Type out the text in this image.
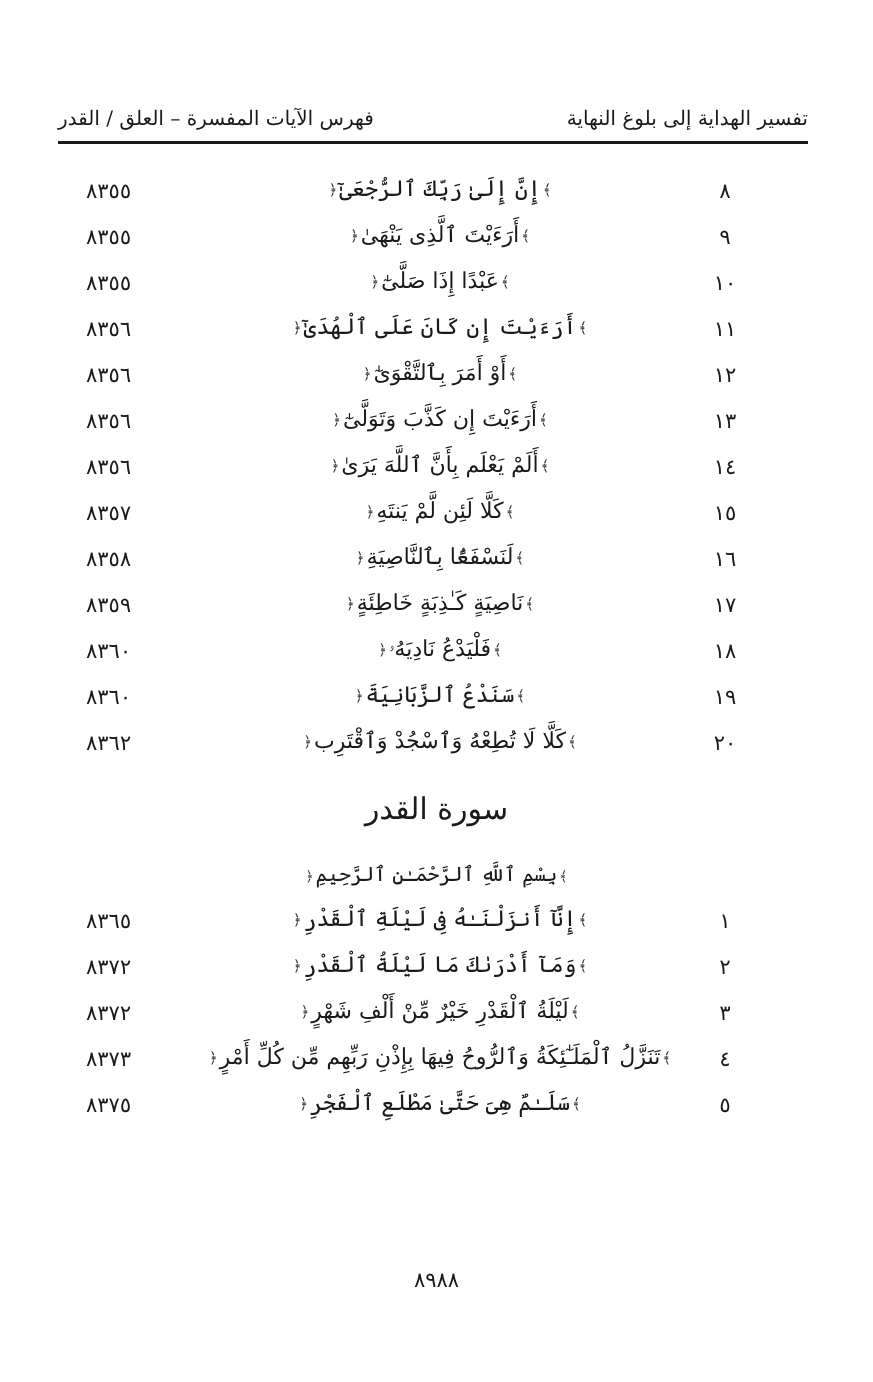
تفسير الهداية إلى بلوغ النهاية
فهرس الآيات المفسرة – العلق / القدر
٨
﴾إِنَّ إِلَىٰ رَبِّكَ ٱلرُّجْعَىٰٓ﴿
٨٣٥٥
٩
﴾أَرَءَيْتَ ٱلَّذِى يَنْهَىٰ﴿
٨٣٥٥
١٠
﴾عَبْدًا إِذَا صَلَّىٰٓ﴿
٨٣٥٥
١١
﴾أَرَءَيْتَ إِن كَانَ عَلَى ٱلْهُدَىٰٓ﴿
٨٣٥٦
١٢
﴾أَوْ أَمَرَ بِٱلتَّقْوَىٰٓ﴿
٨٣٥٦
١٣
﴾أَرَءَيْتَ إِن كَذَّبَ وَتَوَلَّىٰٓ﴿
٨٣٥٦
١٤
﴾أَلَمْ يَعْلَم بِأَنَّ ٱللَّهَ يَرَىٰ﴿
٨٣٥٦
١٥
﴾كَلَّا لَئِن لَّمْ يَنتَهِ﴿
٨٣٥٧
١٦
﴾لَنَسْفَعًۢا بِٱلنَّاصِيَةِ﴿
٨٣٥٨
١٧
﴾نَاصِيَةٍ كَـٰذِبَةٍ خَاطِئَةٍ﴿
٨٣٥٩
١٨
﴾فَلْيَدْعُ نَادِيَهُۥ﴿
٨٣٦٠
١٩
﴾سَنَدْعُ ٱلزَّبَانِيَةَ﴿
٨٣٦٠
٢٠
﴾كَلَّا لَا تُطِعْهُ وَٱسْجُدْ وَٱقْتَرِب﴿
٨٣٦٢
سورة القدر
﴾بِسْمِ ٱللَّهِ ٱلرَّحْمَـٰنِ ٱلرَّحِيمِ﴿
١
﴾إِنَّآ أَنزَلْنَـٰهُ فِى لَيْلَةِ ٱلْقَدْرِ﴿
٨٣٦٥
٢
﴾وَمَآ أَدْرَىٰكَ مَا لَيْلَةُ ٱلْقَدْرِ﴿
٨٣٧٢
٣
﴾لَيْلَةُ ٱلْقَدْرِ خَيْرٌ مِّنْ أَلْفِ شَهْرٍ﴿
٨٣٧٢
٤
﴾تَنَزَّلُ ٱلْمَلَـٰٓئِكَةُ وَٱلرُّوحُ فِيهَا بِإِذْنِ رَبِّهِم مِّن كُلِّ أَمْرٍ﴿
٨٣٧٣
٥
﴾سَلَـٰمٌ هِىَ حَتَّىٰ مَطْلَعِ ٱلْفَجْرِ﴿
٨٣٧٥
٨٩٨٨
